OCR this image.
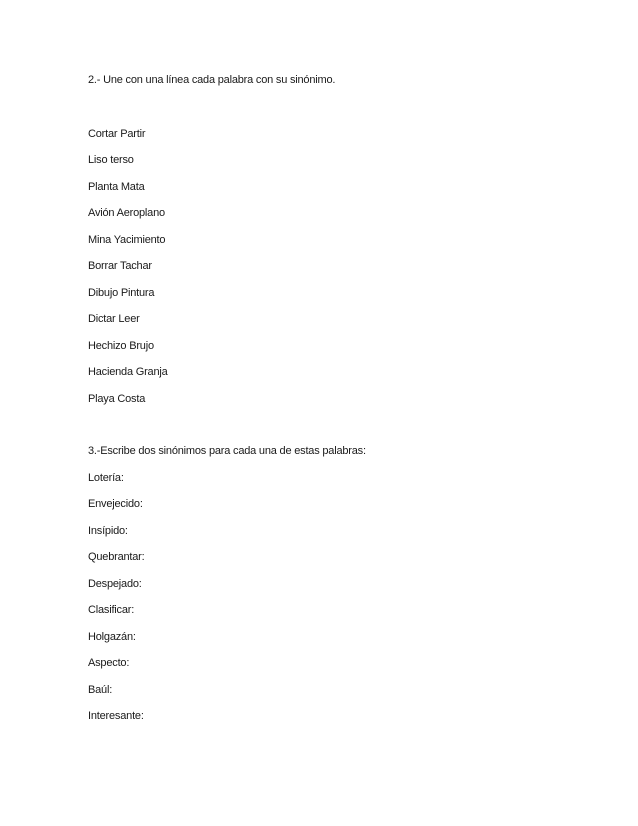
2.- Une con una línea cada palabra con su sinónimo.

Cortar Partir

Liso terso

Planta Mata

Avión Aeroplano

Mina Yacimiento

Borrar Tachar

Dibujo Pintura

Dictar Leer

Hechizo Brujo

Hacienda Granja

Playa Costa

3.-Escribe dos sinónimos para cada una de estas palabras:

Lotería:

Envejecido:

Insípido:

Quebrantar:

Despejado:

Clasificar:

Holgazán:

Aspecto:

Baúl:

Interesante:
